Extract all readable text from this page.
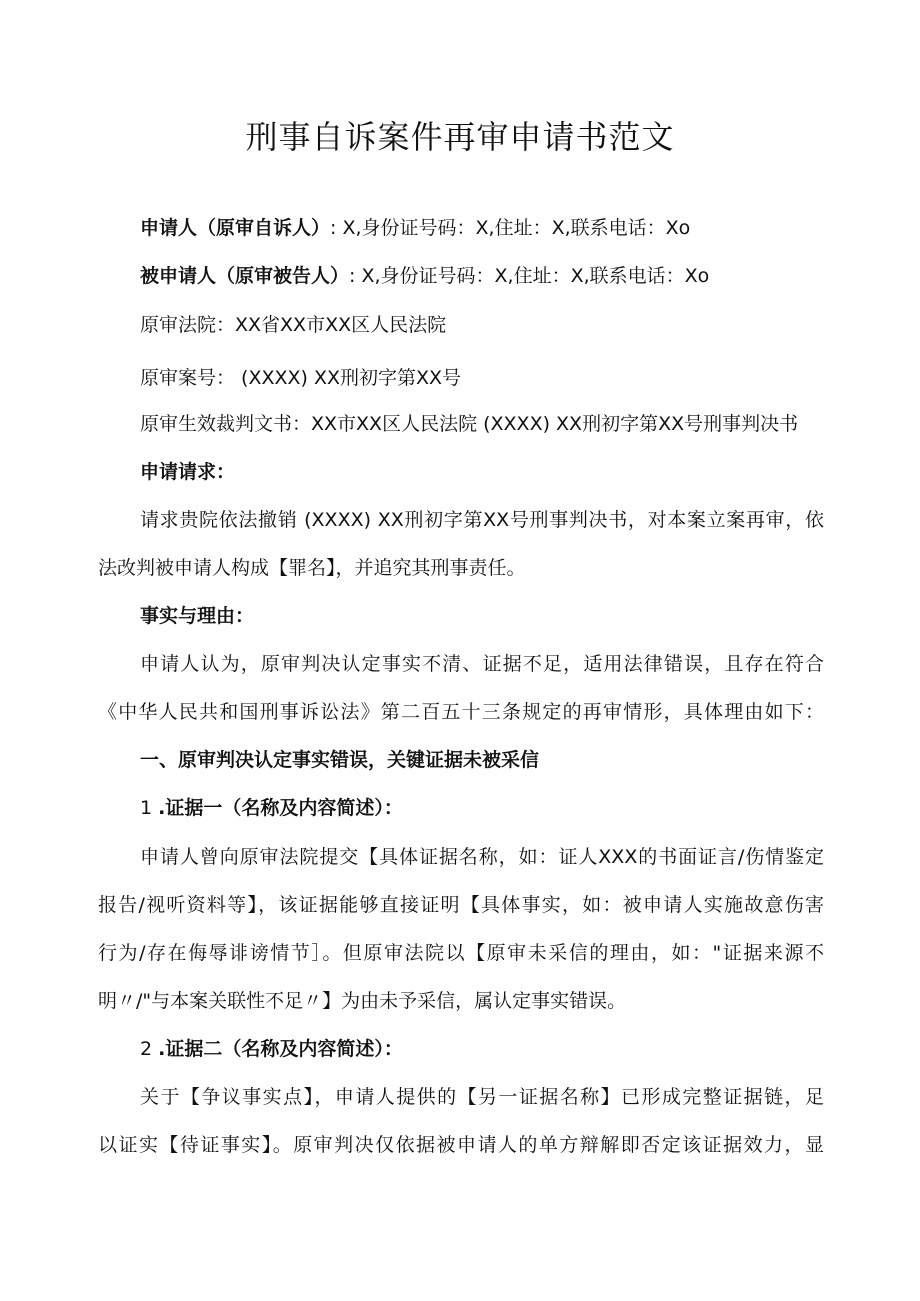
刑事自诉案件再审申请书范文

申请人（原审自诉人）: X,身份证号码：X,住址：X,联系电话：Xo

被申请人（原审被告人）: X,身份证号码：X,住址：X,联系电话：Xo

原审法院：XX省XX市XX区人民法院

原审案号： (XXXX) XX刑初字第XX号

原审生效裁判文书：XX市XX区人民法院 (XXXX) XX刑初字第XX号刑事判决书

申请请求：

请求贵院依法撤销 (XXXX) XX刑初字第XX号刑事判决书，对本案立案再审，依

法改判被申请人构成【罪名】，并追究其刑事责任。

事实与理由：

申请人认为，原审判决认定事实不清、证据不足，适用法律错误，且存在符合

《中华人民共和国刑事诉讼法》第二百五十三条规定的再审情形，具体理由如下：

一、原审判决认定事实错误，关键证据未被采信

1 .证据一（名称及内容简述）：

申请人曾向原审法院提交【具体证据名称，如：证人XXX的书面证言/伤情鉴定

报告/视听资料等】，该证据能够直接证明【具体事实，如：被申请人实施故意伤害

行为/存在侮辱诽谤情节］。但原审法院以【原审未采信的理由，如："证据来源不

明〃/"与本案关联性不足〃】为由未予采信，属认定事实错误。

2 .证据二（名称及内容简述）：

关于【争议事实点】，申请人提供的【另一证据名称】已形成完整证据链，足

以证实【待证事实】。原审判决仅依据被申请人的单方辩解即否定该证据效力，显
